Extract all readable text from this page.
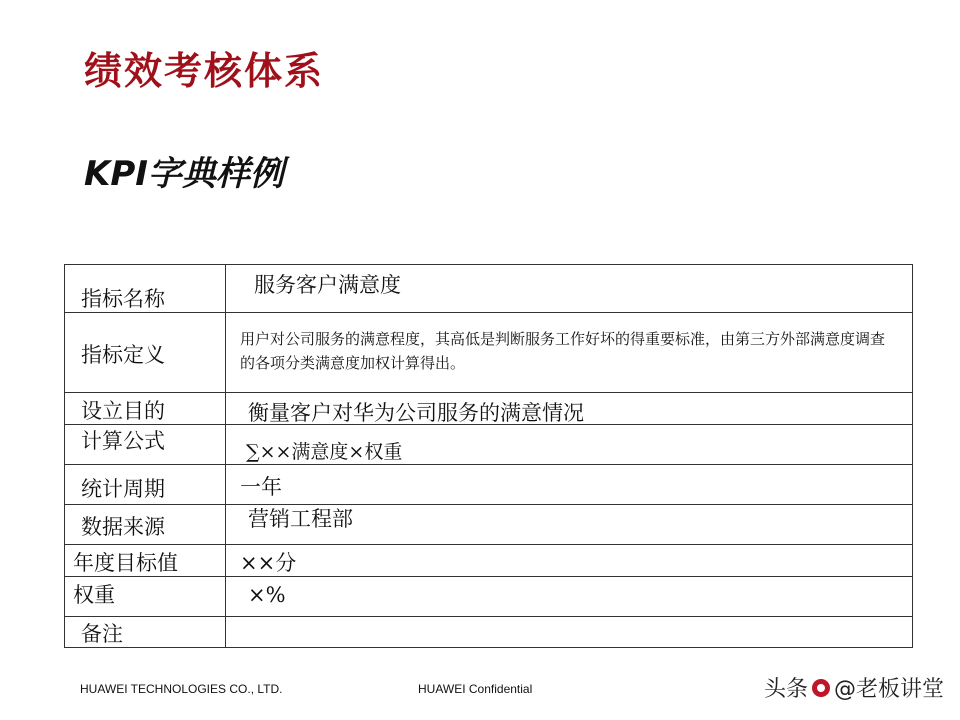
绩效考核体系
KPI字典样例
指标名称	服务客户满意度

指标定义	用户对公司服务的满意程度，其高低是判断服务工作好坏的得重要标准，由第三方外部满意度调查的各项分类满意度加权计算得出。

设立目的	衡量客户对华为公司服务的满意情况

计算公式	∑××满意度×权重

统计周期	一年

数据来源	营销工程部

年度目标值	××分

权重	×%

备注	

HUAWEI TECHNOLOGIES CO., LTD.	HUAWEI Confidential	头条 @老板讲堂
